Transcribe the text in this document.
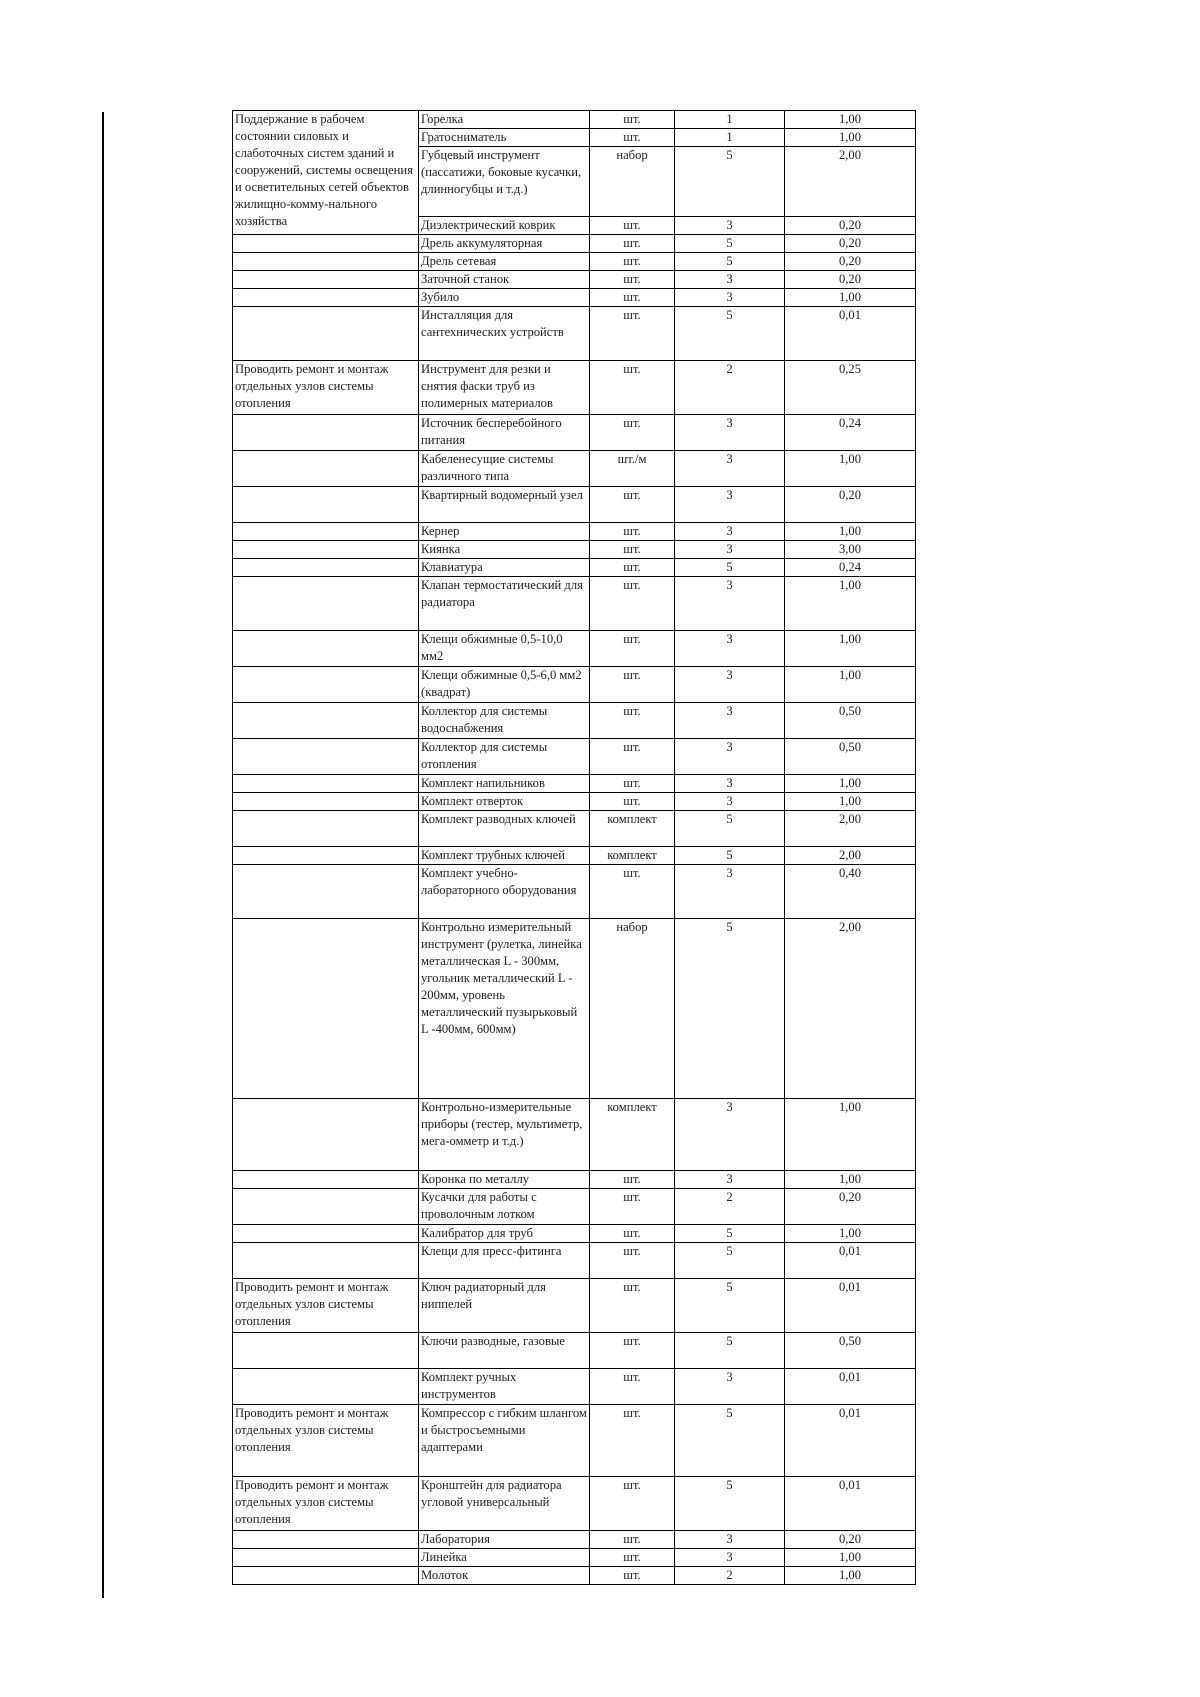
Поддержание в рабочем состоянии силовых и слаботочных систем зданий и сооружений, системы освещения и осветительных сетей объектов жилищно-комму-нального хозяйства	Горелка	шт.	1	1,00
	Гратосниматель	шт.	1	1,00
	Губцевый инструмент (пассатижи, боковые кусачки, длинногубцы и т.д.)	набор	5	2,00
	Диэлектрический коврик	шт.	3	0,20
	Дрель аккумуляторная	шт.	5	0,20
	Дрель сетевая	шт.	5	0,20
	Заточной станок	шт.	3	0,20
	Зубило	шт.	3	1,00
	Инсталляция для сантехнических устройств	шт.	5	0,01
Проводить ремонт и монтаж отдельных узлов системы отопления	Инструмент для резки и снятия фаски труб из полимерных материалов	шт.	2	0,25
	Источник бесперебойного питания	шт.	3	0,24
	Кабеленесущие системы различного типа	шт./м	3	1,00
	Квартирный водомерный узел	шт.	3	0,20
	Кернер	шт.	3	1,00
	Киянка	шт.	3	3,00
	Клавиатура	шт.	5	0,24
	Клапан термостатический для радиатора	шт.	3	1,00
	Клещи обжимные 0,5-10,0 мм2	шт.	3	1,00
	Клещи обжимные 0,5-6,0 мм2 (квадрат)	шт.	3	1,00
	Коллектор для системы водоснабжения	шт.	3	0,50
	Коллектор для системы отопления	шт.	3	0,50
	Комплект напильников	шт.	3	1,00
	Комплект отверток	шт.	3	1,00
	Комплект разводных ключей	комплект	5	2,00
	Комплект трубных ключей	комплект	5	2,00
	Комплект учебно-лабораторного оборудования	шт.	3	0,40
	Контрольно измерительный инструмент (рулетка, линейка металлическая L - 300мм, угольник металлический L - 200мм, уровень металлический пузырьковый L -400мм, 600мм)	набор	5	2,00
	Контрольно-измерительные приборы (тестер, мультиметр, мега-омметр и т.д.)	комплект	3	1,00
	Коронка по металлу	шт.	3	1,00
	Кусачки для работы с проволочным лотком	шт.	2	0,20
	Калибратор для труб	шт.	5	1,00
	Клещи для пресс-фитинга	шт.	5	0,01
Проводить ремонт и монтаж отдельных узлов системы отопления	Ключ радиаторный для ниппелей	шт.	5	0,01
	Ключи разводные, газовые	шт.	5	0,50
	Комплект ручных инструментов	шт.	3	0,01
Проводить ремонт и монтаж отдельных узлов системы отопления	Компрессор с гибким шлангом и быстросъемными адаптерами	шт.	5	0,01
Проводить ремонт и монтаж отдельных узлов системы отопления	Кронштейн для радиатора угловой универсальный	шт.	5	0,01
	Лаборатория	шт.	3	0,20
	Линейка	шт.	3	1,00
	Молоток	шт.	2	1,00
